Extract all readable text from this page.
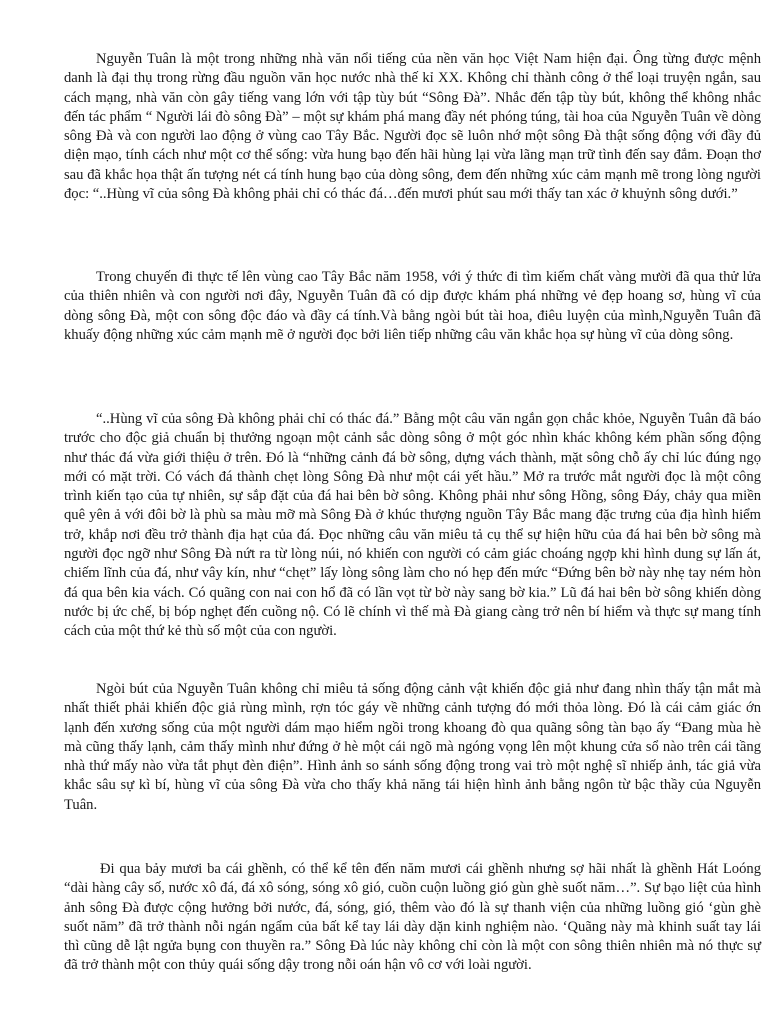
Nguyễn Tuân là một trong những nhà văn nổi tiếng của nền văn học Việt Nam hiện đại. Ông từng được mệnh danh là đại thụ trong rừng đầu nguồn văn học nước nhà thế kỉ XX. Không chỉ thành công ở thể loại truyện ngắn, sau cách mạng, nhà văn còn gây tiếng vang lớn với tập tùy bút “Sông Đà”. Nhắc đến tập tùy bút, không thể không nhắc đến tác phẩm “ Người lái đò sông Đà” – một sự khám phá mang đầy nét phóng túng, tài hoa của Nguyễn Tuân về dòng sông Đà và con người lao động ở vùng cao Tây Bắc. Người đọc sẽ luôn nhớ một sông Đà thật sống động với đầy đủ diện mạo, tính cách như một cơ thể sống: vừa hung bạo đến hãi hùng lại vừa lãng mạn trữ tình đến say đắm. Đoạn thơ sau đã khắc họa thật ấn tượng nét cá tính hung bạo của dòng sông, đem đến những xúc cảm mạnh mẽ trong lòng người đọc: “..Hùng vĩ của sông Đà không phải chỉ có thác đá…đến mươi phút sau mới thấy tan xác ở khuỷnh sông dưới.”

Trong chuyến đi thực tế lên vùng cao Tây Bắc năm 1958, với ý thức đi tìm kiếm chất vàng mười đã qua thử lửa của thiên nhiên và con người nơi đây, Nguyễn Tuân đã có dịp được khám phá những vẻ đẹp hoang sơ, hùng vĩ của dòng sông Đà, một con sông độc đáo và đầy cá tính.Và bằng ngòi bút tài hoa, điêu luyện của mình,Nguyễn Tuân đã khuấy động những xúc cảm mạnh mẽ ở người đọc bởi liên tiếp những câu văn khắc họa sự hùng vĩ của dòng sông.

“..Hùng vĩ của sông Đà không phải chỉ có thác đá.” Bằng một câu văn ngắn gọn chắc khỏe, Nguyễn Tuân đã báo trước cho độc giả chuẩn bị thưởng ngoạn một cảnh sắc dòng sông ở một góc nhìn khác không kém phần sống động như thác đá vừa giới thiệu ở trên. Đó là “những cảnh đá bờ sông, dựng vách thành, mặt sông chỗ ấy chỉ lúc đúng ngọ mới có mặt trời. Có vách đá thành chẹt lòng Sông Đà như một cái yết hầu.” Mở ra trước mắt người đọc là một công trình kiến tạo của tự nhiên, sự sắp đặt của đá hai bên bờ sông. Không phải như sông Hồng, sông Đáy, chảy qua miền quê yên ả với đôi bờ là phù sa màu mỡ mà Sông Đà ở khúc thượng nguồn Tây Bắc mang đặc trưng của địa hình hiểm trở, khắp nơi đều trở thành địa hạt của đá. Đọc những câu văn miêu tả cụ thể sự hiện hữu của đá hai bên bờ sông mà người đọc ngỡ như Sông Đà nứt ra từ lòng núi, nó khiến con người có cảm giác choáng ngợp khi hình dung sự lấn át, chiếm lĩnh của đá, như vây kín, như “chẹt” lấy lòng sông làm cho nó hẹp đến mức “Đứng bên bờ này nhẹ tay ném hòn đá qua bên kia vách. Có quãng con nai con hổ đã có lần vọt từ bờ này sang bờ kia.” Lũ đá hai bên bờ sông khiến dòng nước bị ức chế, bị bóp nghẹt đến cuồng nộ. Có lẽ chính vì thế mà Đà giang càng trở nên bí hiểm và thực sự mang tính cách của một thứ kẻ thù số một của con người.

Ngòi bút của Nguyễn Tuân không chỉ miêu tả sống động cảnh vật khiến độc giả như đang nhìn thấy tận mắt mà nhất thiết phải khiến độc giả rùng mình, rợn tóc gáy về những cảnh tượng đó mới thỏa lòng. Đó là cái cảm giác ớn lạnh đến xương sống của một người dám mạo hiểm ngồi trong khoang đò qua quãng sông tàn bạo ấy “Đang mùa hè mà cũng thấy lạnh, cảm thấy mình như đứng ở hè một cái ngõ mà ngóng vọng lên một khung cửa sổ nào trên cái tầng nhà thứ mấy nào vừa tắt phụt đèn điện”. Hình ảnh so sánh sống động trong vai trò một nghệ sĩ nhiếp ảnh, tác giả vừa khắc sâu sự kì bí, hùng vĩ của sông Đà vừa cho thấy khả năng tái hiện hình ảnh bằng ngôn từ bậc thầy của Nguyễn Tuân.

Đi qua bảy mươi ba cái ghềnh, có thể kể tên đến năm mươi cái ghềnh nhưng sợ hãi nhất là ghềnh Hát Loóng “dài hàng cây số, nước xô đá, đá xô sóng, sóng xô gió, cuồn cuộn luồng gió gùn ghè suốt năm…”. Sự bạo liệt của hình ảnh sông Đà được cộng hưởng bởi nước, đá, sóng, gió, thêm vào đó là sự thanh viện của những luồng gió ‘gùn ghè suốt năm” đã trở thành nỗi ngán ngẩm của bất kể tay lái dày dặn kinh nghiệm nào. ‘Quãng này mà khinh suất tay lái thì cũng dễ lật ngửa bụng con thuyền ra.” Sông Đà lúc này không chỉ còn là một con sông thiên nhiên mà nó thực sự đã trở thành một con thủy quái sống dậy trong nỗi oán hận vô cơ với loài người.
